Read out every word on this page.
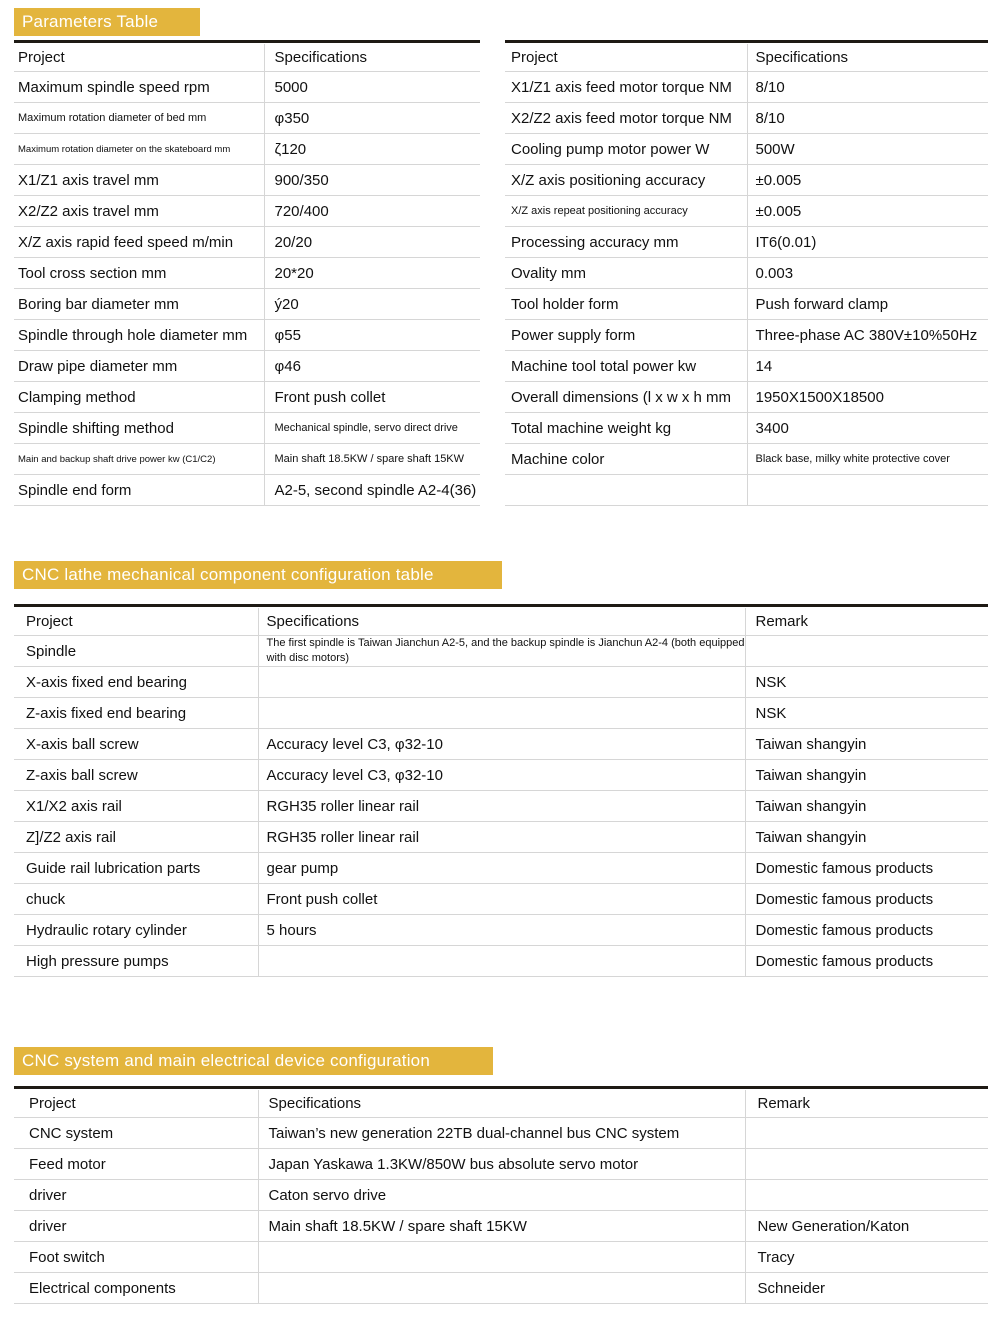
Parameters Table
Project	Specifications
Maximum spindle speed rpm	5000
Maximum rotation diameter of bed mm	φ350
Maximum rotation diameter on the skateboard mm	ζ120
X1/Z1 axis travel mm	900/350
X2/Z2 axis travel mm	720/400
X/Z axis rapid feed speed m/min	20/20
Tool cross section mm	20*20
Boring bar diameter mm	ý20
Spindle through hole diameter mm	φ55
Draw pipe diameter mm	φ46
Clamping method	Front push collet
Spindle shifting method	Mechanical spindle, servo direct drive
Main and backup shaft drive power kw (C1/C2)	Main shaft 18.5KW / spare shaft 15KW
Spindle end form	A2-5, second spindle A2-4(36)
Project	Specifications
X1/Z1 axis feed motor torque NM	8/10
X2/Z2 axis feed motor torque NM	8/10
Cooling pump motor power W	500W
X/Z axis positioning accuracy	±0.005
X/Z axis repeat positioning accuracy	±0.005
Processing accuracy mm	IT6(0.01)
Ovality mm	0.003
Tool holder form	Push forward clamp
Power supply form	Three-phase AC 380V±10%50Hz
Machine tool total power kw	14
Overall dimensions (l x w x h mm	1950X1500X18500
Total machine weight kg	3400
Machine color	Black base, milky white protective cover

CNC lathe mechanical component configuration table
Project	Specifications	Remark
Spindle	The first spindle is Taiwan Jianchun A2-5, and the backup spindle is Jianchun A2-4 (both equipped with disc motors)	
X-axis fixed end bearing		NSK
Z-axis fixed end bearing		NSK
X-axis ball screw	Accuracy level C3, φ32-10	Taiwan shangyin
Z-axis ball screw	Accuracy level C3, φ32-10	Taiwan shangyin
X1/X2 axis rail	RGH35 roller linear rail	Taiwan shangyin
Z]/Z2 axis rail	RGH35 roller linear rail	Taiwan shangyin
Guide rail lubrication parts	gear pump	Domestic famous products
chuck	Front push collet	Domestic famous products
Hydraulic rotary cylinder	5 hours	Domestic famous products
High pressure pumps		Domestic famous products
CNC system and main electrical device configuration
Project	Specifications	Remark
CNC system	Taiwan’s new generation 22TB dual-channel bus CNC system	
Feed motor	Japan Yaskawa 1.3KW/850W bus absolute servo motor	
driver	Caton servo drive	
driver	Main shaft 18.5KW / spare shaft 15KW	New Generation/Katon
Foot switch		Tracy
Electrical components		Schneider
